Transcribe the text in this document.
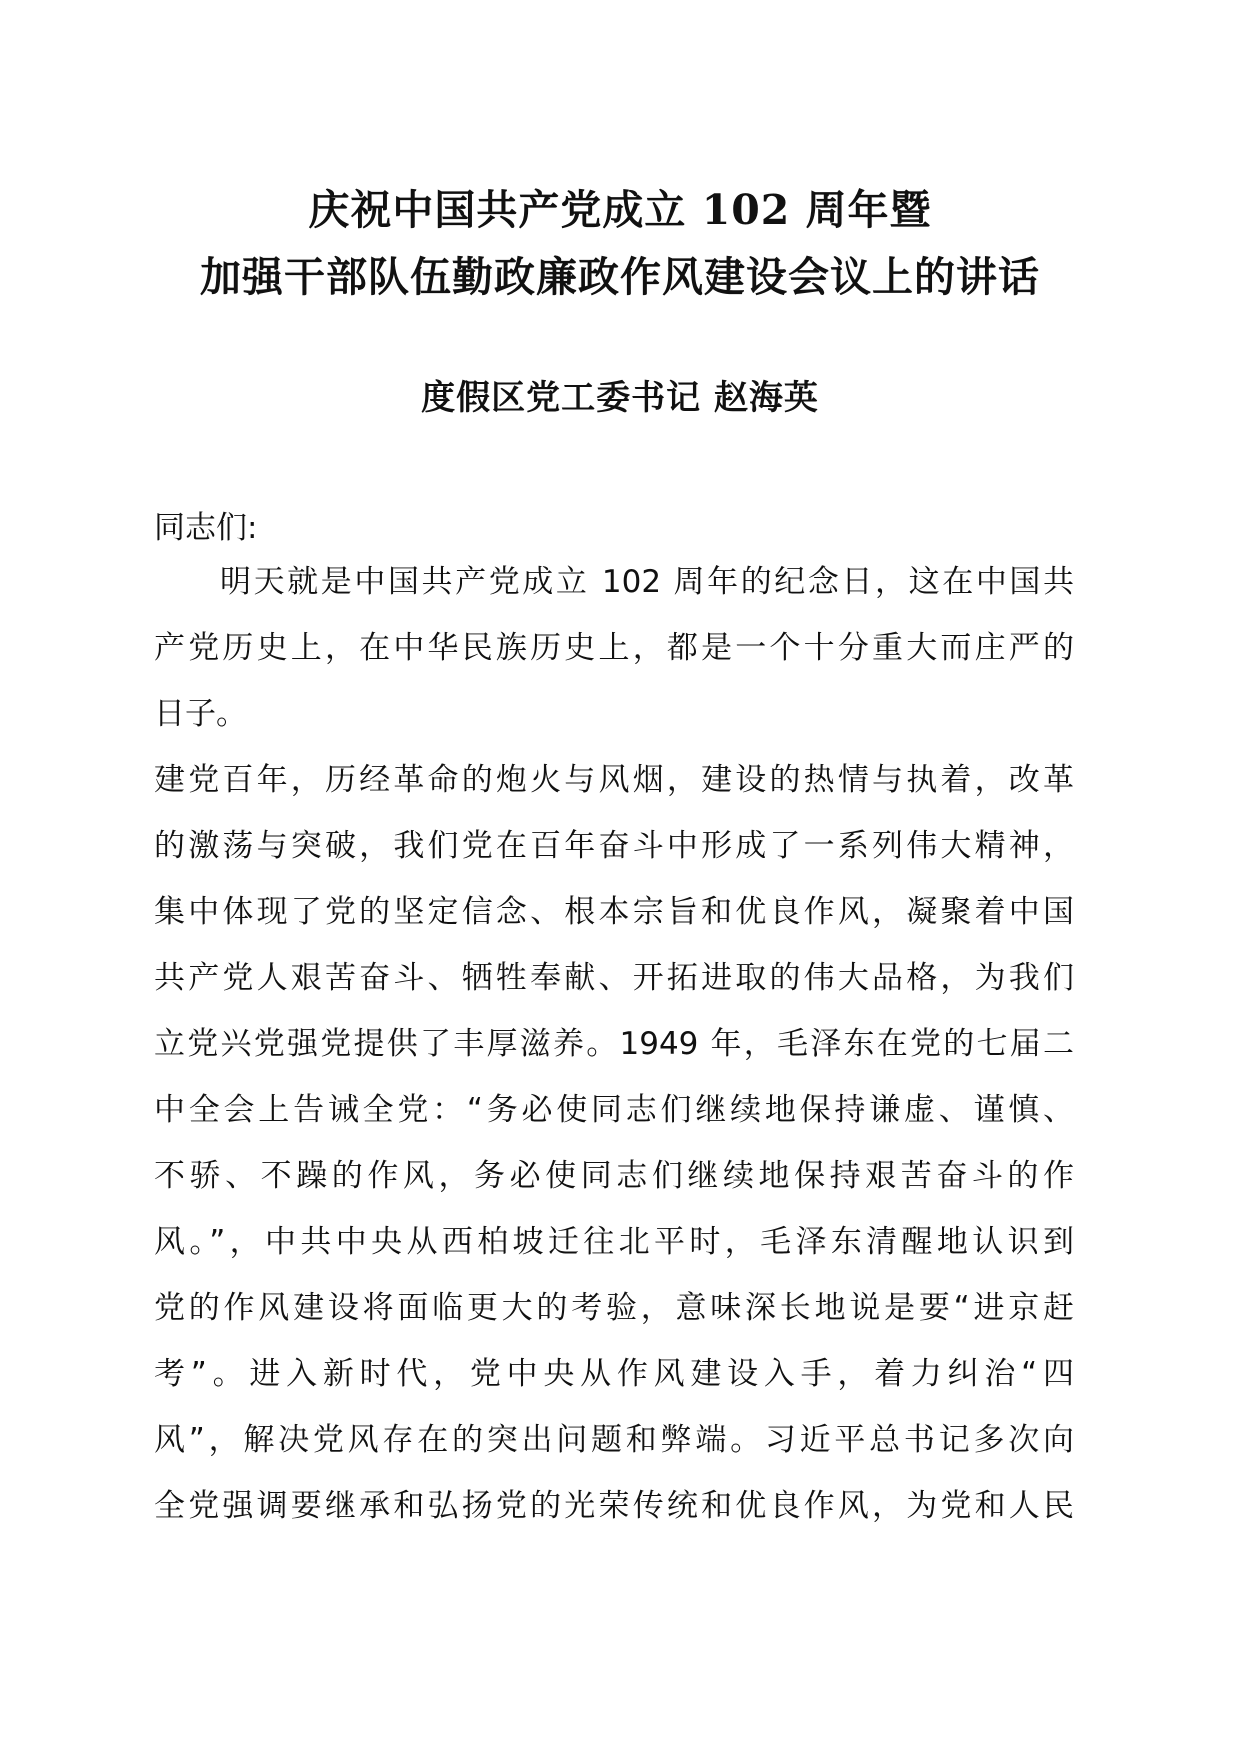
庆祝中国共产党成立 102 周年暨
加强干部队伍勤政廉政作风建设会议上的讲话
度假区党工委书记 赵海英
同志们:
明天就是中国共产党成立 102 周年的纪念日，这在中国共
产党历史上，在中华民族历史上，都是一个十分重大而庄严的
日子。
建党百年，历经革命的炮火与风烟，建设的热情与执着，改革
的激荡与突破，我们党在百年奋斗中形成了一系列伟大精神，
集中体现了党的坚定信念、根本宗旨和优良作风，凝聚着中国
共产党人艰苦奋斗、牺牲奉献、开拓进取的伟大品格，为我们
立党兴党强党提供了丰厚滋养。1949 年，毛泽东在党的七届二
中全会上告诫全党：“务必使同志们继续地保持谦虚、谨慎、
不骄、不躁的作风，务必使同志们继续地保持艰苦奋斗的作
风。”，中共中央从西柏坡迁往北平时，毛泽东清醒地认识到
党的作风建设将面临更大的考验，意味深长地说是要“进京赶
考”。进入新时代，党中央从作风建设入手，着力纠治“四
风”，解决党风存在的突出问题和弊端。习近平总书记多次向
全党强调要继承和弘扬党的光荣传统和优良作风，为党和人民
